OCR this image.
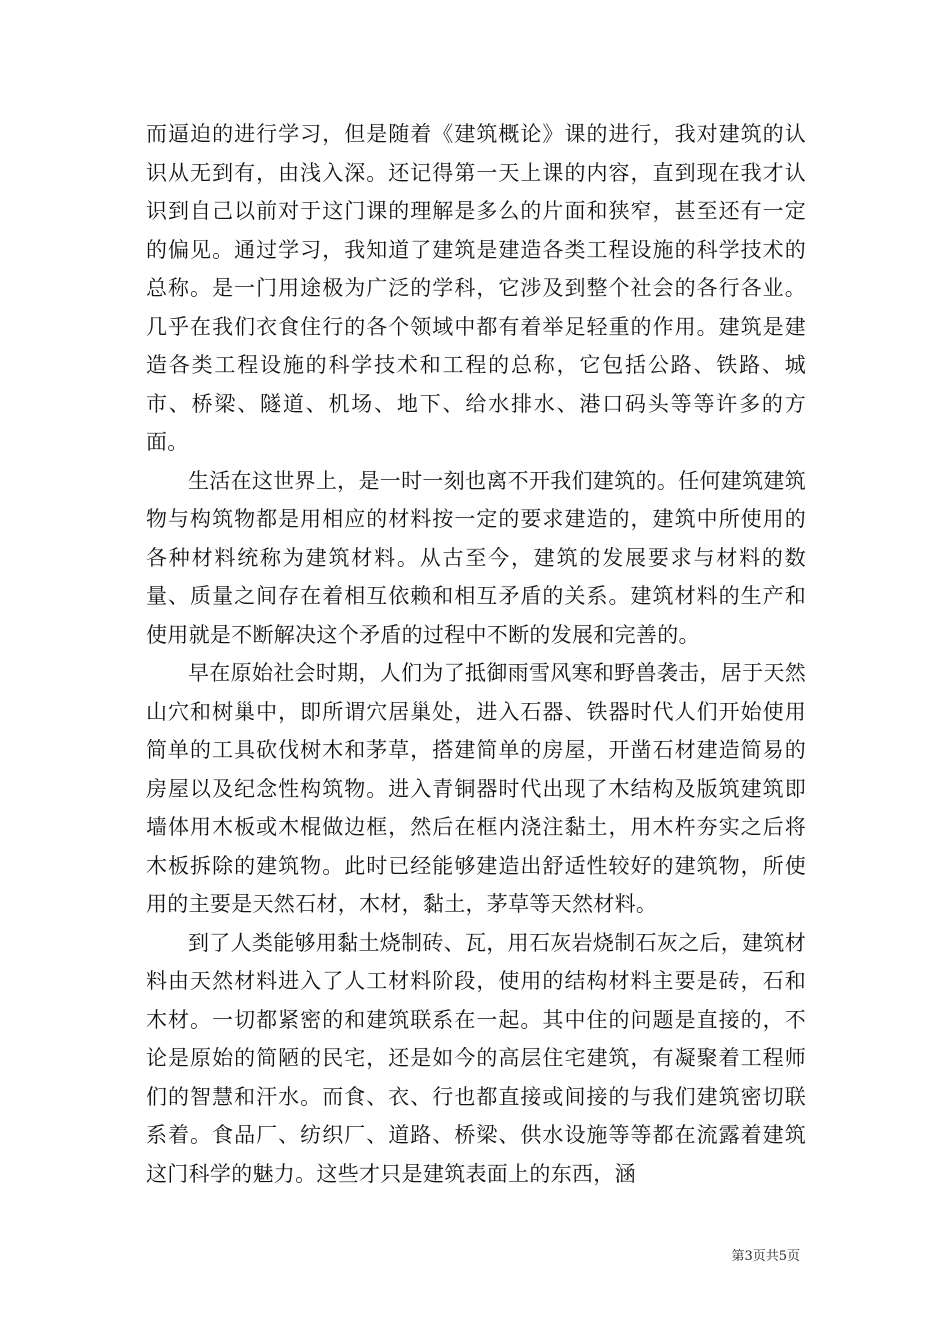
而逼迫的进行学习，但是随着《建筑概论》课的进行，我对建筑的认识从无到有，由浅入深。还记得第一天上课的内容，直到现在我才认识到自己以前对于这门课的理解是多么的片面和狭窄，甚至还有一定的偏见。通过学习，我知道了建筑是建造各类工程设施的科学技术的总称。是一门用途极为广泛的学科，它涉及到整个社会的各行各业。几乎在我们衣食住行的各个领域中都有着举足轻重的作用。建筑是建造各类工程设施的科学技术和工程的总称，它包括公路、铁路、城市、桥梁、隧道、机场、地下、给水排水、港口码头等等许多的方面。

生活在这世界上，是一时一刻也离不开我们建筑的。任何建筑建筑物与构筑物都是用相应的材料按一定的要求建造的，建筑中所使用的各种材料统称为建筑材料。从古至今，建筑的发展要求与材料的数量、质量之间存在着相互依赖和相互矛盾的关系。建筑材料的生产和使用就是不断解决这个矛盾的过程中不断的发展和完善的。

早在原始社会时期，人们为了抵御雨雪风寒和野兽袭击，居于天然山穴和树巢中，即所谓穴居巢处，进入石器、铁器时代人们开始使用简单的工具砍伐树木和茅草，搭建简单的房屋，开凿石材建造简易的房屋以及纪念性构筑物。进入青铜器时代出现了木结构及版筑建筑即墙体用木板或木棍做边框，然后在框内浇注黏土，用木杵夯实之后将木板拆除的建筑物。此时已经能够建造出舒适性较好的建筑物，所使用的主要是天然石材，木材，黏土，茅草等天然材料。

到了人类能够用黏土烧制砖、瓦，用石灰岩烧制石灰之后，建筑材料由天然材料进入了人工材料阶段，使用的结构材料主要是砖，石和木材。一切都紧密的和建筑联系在一起。其中住的问题是直接的，不论是原始的简陋的民宅，还是如今的高层住宅建筑，有凝聚着工程师们的智慧和汗水。而食、衣、行也都直接或间接的与我们建筑密切联系着。食品厂、纺织厂、道路、桥梁、供水设施等等都在流露着建筑这门科学的魅力。这些才只是建筑表面上的东西，涵

第3页共5页
